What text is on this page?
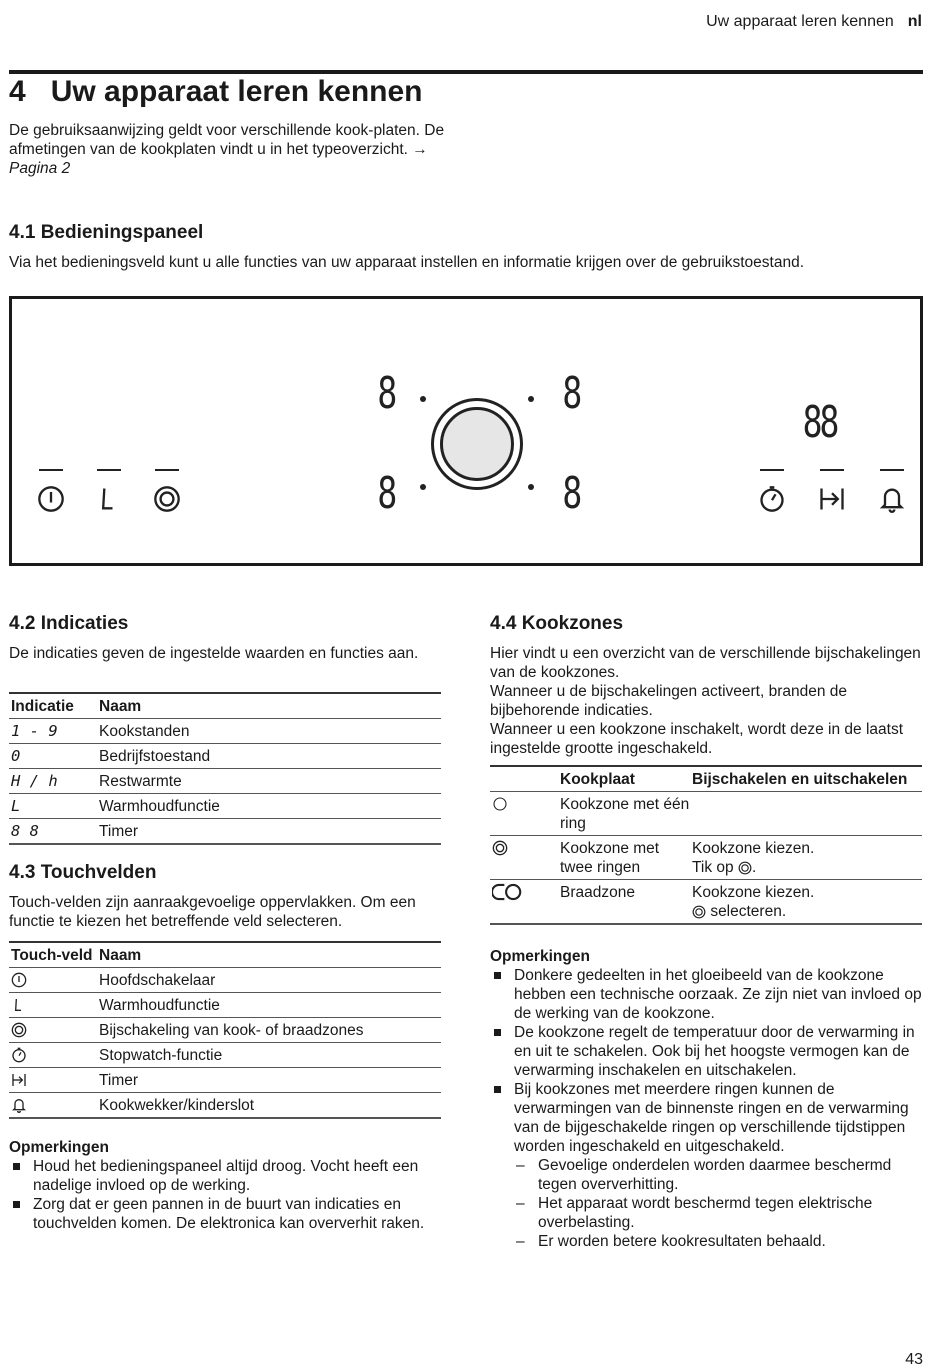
Uw apparaat leren kennen nl
4   Uw apparaat leren kennen

De gebruiksaanwijzing geldt voor verschillende kook-platen. De afmetingen van de kookplaten vindt u in het typeoverzicht. → Pagina 2

4.1 Bedieningspaneel

Via het bedieningsveld kunt u alle functies van uw apparaat instellen en informatie krijgen over de gebruikstoestand.

8	8
8	8
88
4.2 Indicaties

De indicaties geven de ingestelde waarden en functies aan.

Indicatie	Naam
1 - 9	Kookstanden
0	Bedrijfstoestand
H / h	Restwarmte
L	Warmhoudfunctie
8 8	Timer
4.3 Touchvelden

Touch-velden zijn aanraakgevoelige oppervlakken. Om een functie te kiezen het betreffende veld selecteren.

Touch-veld	Naam
	Hoofdschakelaar
	Warmhoudfunctie
	Bijschakeling van kook- of braadzones
	Stopwatch-functie
	Timer
	Kookwekker/kinderslot
Opmerkingen
Houd het bedieningspaneel altijd droog. Vocht heeft een nadelige invloed op de werking.
Zorg dat er geen pannen in de buurt van indicaties en touchvelden komen. De elektronica kan oververhit raken.
4.4 Kookzones

Hier vindt u een overzicht van de verschillende bijschakelingen van de kookzones.

Wanneer u de bijschakelingen activeert, branden de bijbehorende indicaties.

Wanneer u een kookzone inschakelt, wordt deze in de laatst ingestelde grootte ingeschakeld.

	Kookplaat	Bijschakelen en uitschakelen
	Kookzone met één ring	
	Kookzone met twee ringen	Kookzone kiezen.
Tik op .

	Braadzone	Kookzone kiezen.
selecteren.
Opmerkingen
Donkere gedeelten in het gloeibeeld van de kookzone hebben een technische oorzaak. Ze zijn niet van invloed op de werking van de kookzone.
De kookzone regelt de temperatuur door de verwarming in en uit te schakelen. Ook bij het hoogste vermogen kan de verwarming inschakelen en uitschakelen.
Bij kookzones met meerdere ringen kunnen de verwarmingen van de binnenste ringen en de verwarming van de bijgeschakelde ringen op verschillende tijdstippen worden ingeschakeld en uitgeschakeld.
– Gevoelige onderdelen worden daarmee beschermd tegen oververhitting.
– Het apparaat wordt beschermd tegen elektrische overbelasting.
– Er worden betere kookresultaten behaald.
43
